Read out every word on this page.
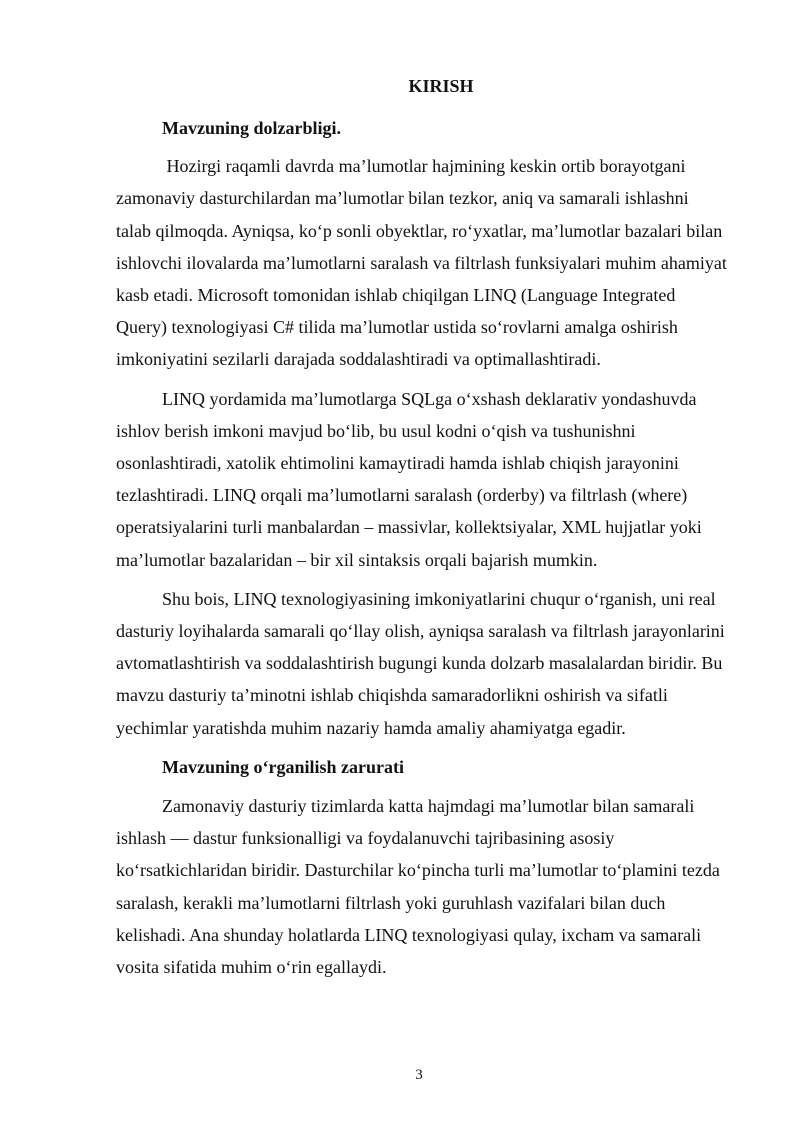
KIRISH

Mavzuning dolzarbligi.

Hozirgi raqamli davrda ma’lumotlar hajmining keskin ortib borayotgani zamonaviy dasturchilardan ma’lumotlar bilan tezkor, aniq va samarali ishlashni talab qilmoqda. Ayniqsa, ko‘p sonli obyektlar, ro‘yxatlar, ma’lumotlar bazalari bilan ishlovchi ilovalarda ma’lumotlarni saralash va filtrlash funksiyalari muhim ahamiyat kasb etadi. Microsoft tomonidan ishlab chiqilgan LINQ (Language Integrated Query) texnologiyasi C# tilida ma’lumotlar ustida so‘rovlarni amalga oshirish imkoniyatini sezilarli darajada soddalashtiradi va optimallashtiradi.

LINQ yordamida ma’lumotlarga SQLga o‘xshash deklarativ yondashuvda ishlov berish imkoni mavjud bo‘lib, bu usul kodni o‘qish va tushunishni osonlashtiradi, xatolik ehtimolini kamaytiradi hamda ishlab chiqish jarayonini tezlashtiradi. LINQ orqali ma’lumotlarni saralash (orderby) va filtrlash (where) operatsiyalarini turli manbalardan – massivlar, kollektsiyalar, XML hujjatlar yoki ma’lumotlar bazalaridan – bir xil sintaksis orqali bajarish mumkin.

Shu bois, LINQ texnologiyasining imkoniyatlarini chuqur o‘rganish, uni real dasturiy loyihalarda samarali qo‘llay olish, ayniqsa saralash va filtrlash jarayonlarini avtomatlashtirish va soddalashtirish bugungi kunda dolzarb masalalardan biridir. Bu mavzu dasturiy ta’minotni ishlab chiqishda samaradorlikni oshirish va sifatli yechimlar yaratishda muhim nazariy hamda amaliy ahamiyatga egadir.

Mavzuning o‘rganilish zarurati

Zamonaviy dasturiy tizimlarda katta hajmdagi ma’lumotlar bilan samarali ishlash — dastur funksionalligi va foydalanuvchi tajribasining asosiy ko‘rsatkichlaridan biridir. Dasturchilar ko‘pincha turli ma’lumotlar to‘plamini tezda saralash, kerakli ma’lumotlarni filtrlash yoki guruhlash vazifalari bilan duch kelishadi. Ana shunday holatlarda LINQ texnologiyasi qulay, ixcham va samarali vosita sifatida muhim o‘rin egallaydi.

3
